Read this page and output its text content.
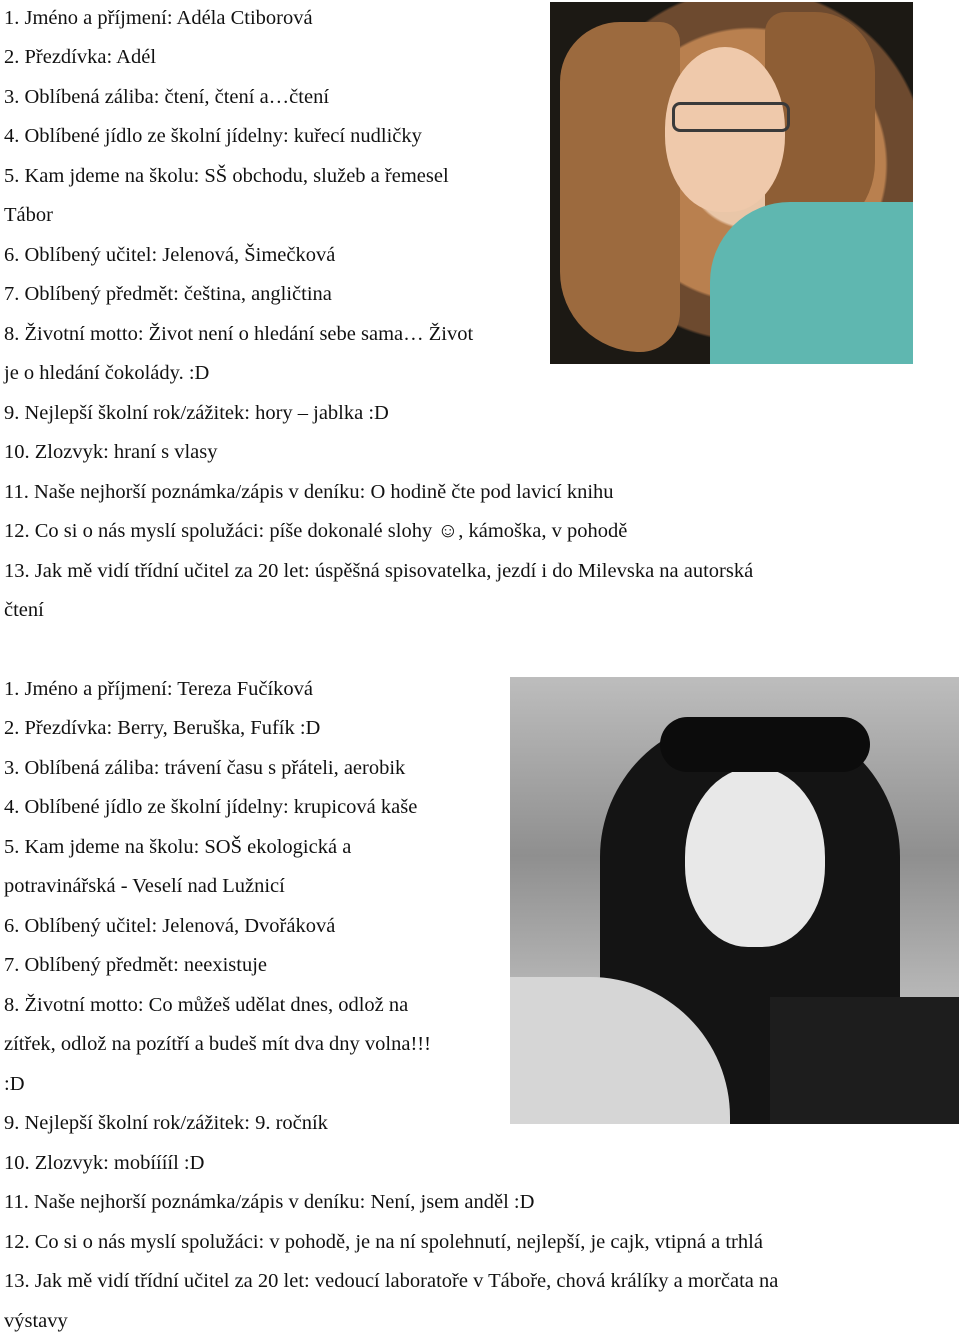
1. Jméno a příjmení: Adéla Ctiborová
2. Přezdívka: Adél
3. Oblíbená záliba: čtení, čtení a…čtení
4. Oblíbené jídlo ze školní jídelny: kuřecí nudličky
5. Kam jdeme na školu: SŠ obchodu, služeb a řemesel
Tábor
6. Oblíbený učitel: Jelenová, Šimečková
7. Oblíbený předmět: čeština, angličtina
8. Životní motto: Život není o hledání sebe sama… Život
je o hledání čokolády. :D
9. Nejlepší školní rok/zážitek: hory – jablka :D
10. Zlozvyk: hraní s vlasy
11. Naše nejhorší poznámka/zápis v deníku: O hodině čte pod lavicí knihu
12. Co si o nás myslí spolužáci: píše dokonalé slohy ☺, kámoška, v pohodě
13. Jak mě vidí třídní učitel za 20 let: úspěšná spisovatelka, jezdí i do Milevska na autorská
čtení
1. Jméno a příjmení: Tereza Fučíková
2. Přezdívka: Berry, Beruška, Fufík :D
3. Oblíbená záliba: trávení času s přáteli, aerobik
4. Oblíbené jídlo ze školní jídelny: krupicová kaše
5. Kam jdeme na školu: SOŠ ekologická a
potravinářská - Veselí nad Lužnicí
6. Oblíbený učitel: Jelenová, Dvořáková
7. Oblíbený předmět: neexistuje
8. Životní motto: Co můžeš udělat dnes, odlož na
zítřek, odlož na pozítří a budeš mít dva dny volna!!!
:D
9. Nejlepší školní rok/zážitek: 9. ročník
10. Zlozvyk: mobííííl :D
11. Naše nejhorší poznámka/zápis v deníku: Není, jsem anděl :D
12. Co si o nás myslí spolužáci: v pohodě, je na ní spolehnutí, nejlepší, je cajk, vtipná a trhlá
13. Jak mě vidí třídní učitel za 20 let: vedoucí laboratoře v Táboře, chová králíky a morčata na
výstavy
